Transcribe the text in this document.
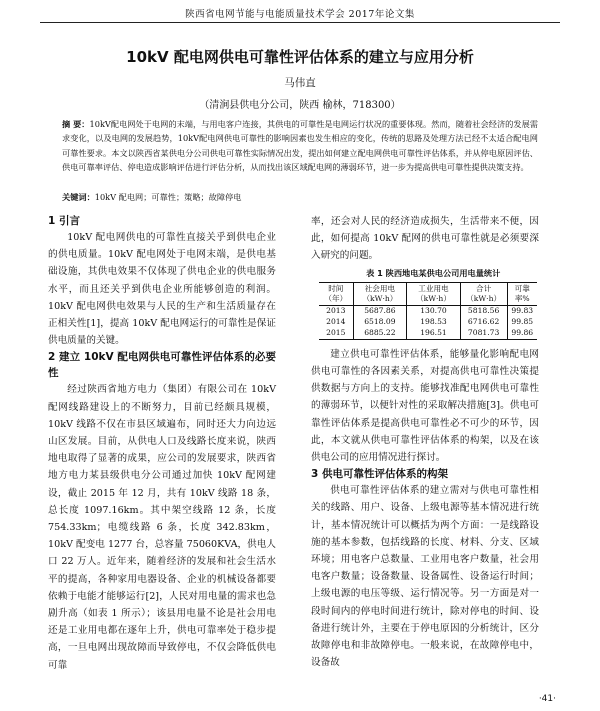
陕西省电网节能与电能质量技术学会 2017年论文集
10kV 配电网供电可靠性评估体系的建立与应用分析
马伟直
（清涧县供电分公司，陕西 榆林，718300）

摘 要：10kV配电网处于电网的末端，与用电客户连接，其供电的可靠性是电网运行状况的重要体现。然而，随着社会经济的发展需求变化，以及电网的发展趋势，10kV配电网供电可靠性的影响因素也发生相应的变化，传统的思路及处理方法已经不太适合配电网可靠性要求。本文以陕西省某供电分公司供电可靠性实际情况出发，提出如何建立配电网供电可靠性评估体系，并从停电原因评估、供电可靠率评估、停电造成影响评估进行评估分析，从而找出该区域配电网的薄弱环节，进一步为提高供电可靠性提供决策支持。

关键词：10kV 配电网；可靠性；策略；故障停电

1 引言

10kV 配电网供电的可靠性直接关乎到供电企业的供电质量。10kV 配电网处于电网末端，是供电基础设施，其供电效果不仅体现了供电企业的供电服务水平，而且还关乎到供电企业所能够创造的利润。10kV 配电网供电效果与人民的生产和生活质量存在正相关性[1]，提高 10kV 配电网运行的可靠性是保证供电质量的关键。

2 建立 10kV 配电网供电可靠性评估体系的必要性

经过陕西省地方电力（集团）有限公司在 10kV 配网线路建设上的不断努力，目前已经颇具规模，10kV 线路不仅在市县区域遍布，同时还大力向边远山区发展。目前，从供电人口及线路长度来说，陕西地电取得了显著的成果，应公司的发展要求，陕西省地方电力某县级供电分公司通过加快 10kV 配网建设，截止 2015 年 12 月，共有 10kV 线路 18 条，总长度 1097.16km。其中架空线路 12 条，长度 754.33km；电缆线路 6 条，长度 342.83km，10kV 配变电 1277 台，总容量 75060KVA，供电人口 22 万人。近年来，随着经济的发展和社会生活水平的提高，各种家用电器设备、企业的机械设备都要依赖于电能才能够运行[2]，人民对用电量的需求也急剧升高（如表 1 所示）；该县用电量不论是社会用电还是工业用电都在逐年上升，供电可靠率处于稳步提高，一旦电网出现故障而导致停电，不仅会降低供电可靠

率，还会对人民的经济造成损失，生活带来不便，因此，如何提高 10kV 配网的供电可靠性就是必须要深入研究的问题。

表 1 陕西地电某供电公司用电量统计

时间（年）	社会用电（kW·h）	工业用电（kW·h）	合计（kW·h）	可靠率%
2013	5687.86	130.70	5818.56	99.83
2014	6518.09	198.53	6716.62	99.85
2015	6885.22	196.51	7081.73	99.86

建立供电可靠性评估体系，能够量化影响配电网供电可靠性的各因素关系，对提高供电可靠性决策提供数据与方向上的支持。能够找准配电网供电可靠性的薄弱环节，以便针对性的采取解决措施[3]。供电可靠性评估体系是提高供电可靠性必不可少的环节，因此，本文就从供电可靠性评估体系的构架，以及在该供电公司的应用情况进行探讨。

3 供电可靠性评估体系的构架

供电可靠性评估体系的建立需对与供电可靠性相关的线路、用户、设备、上级电源等基本情况进行统计，基本情况统计可以概括为两个方面：一是线路设施的基本参数，包括线路的长度、材料、分支、区域环境；用电客户总数量、工业用电客户数量，社会用电客户数量；设备数量、设备属性、设备运行时间；上级电源的电压等级、运行情况等。另一方面是对一段时间内的停电时间进行统计，除对停电的时间、设备进行统计外，主要在于停电原因的分析统计，区分故障停电和非故障停电。一般来说，在故障停电中，设备故

·41·
